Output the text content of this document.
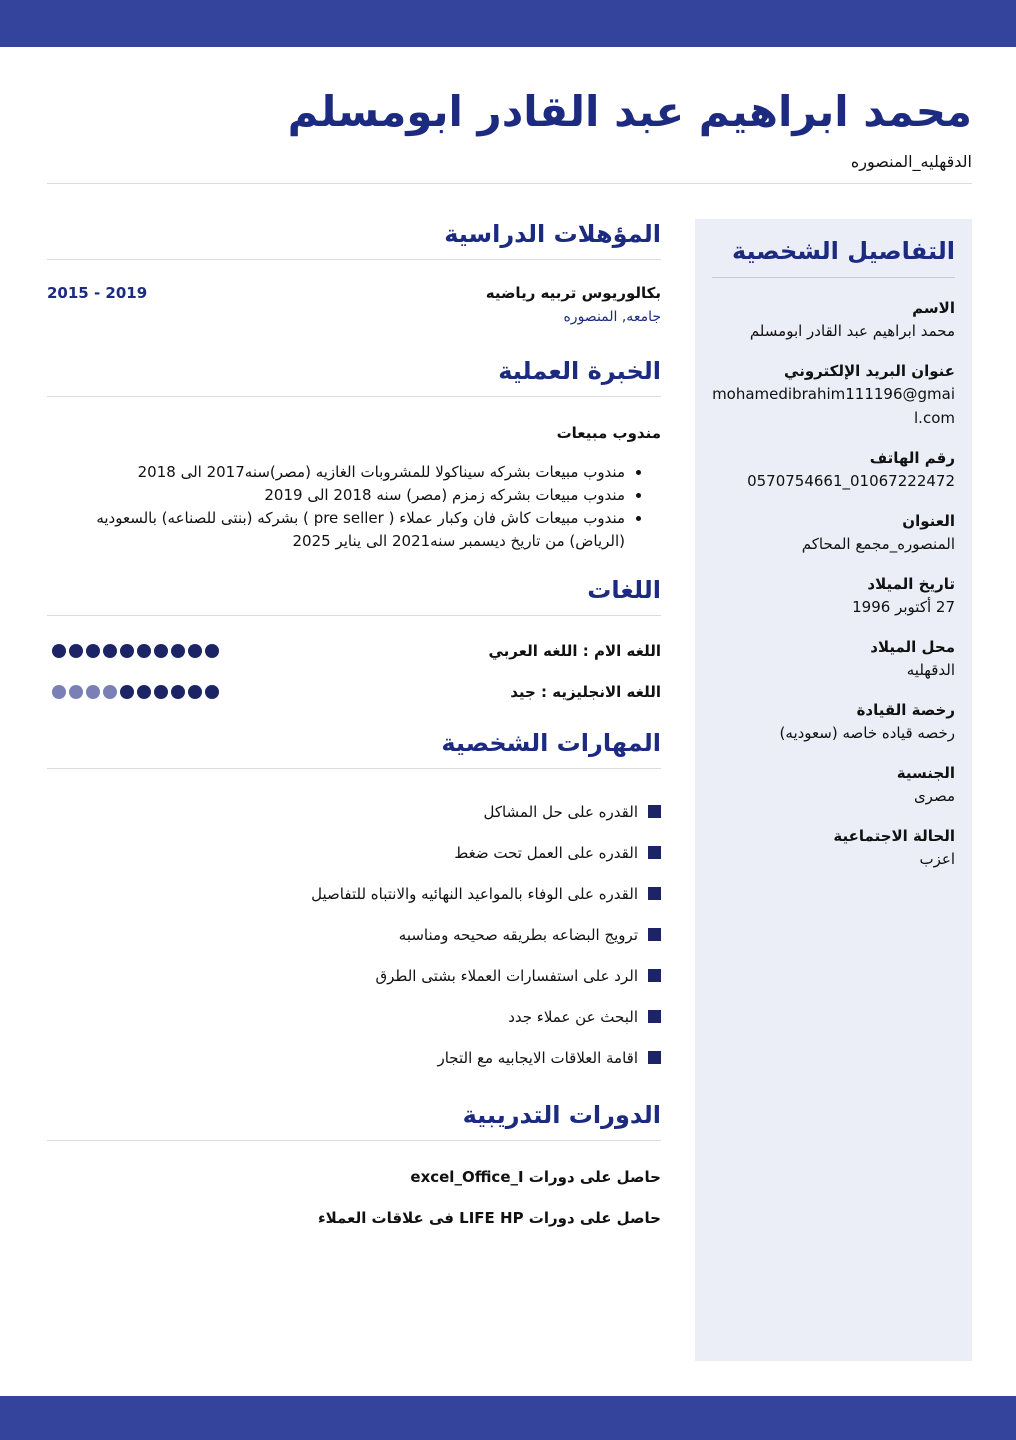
محمد ابراهيم عبد القادر ابومسلم
الدقهليه_المنصوره
التفاصيل الشخصية
الاسم
محمد ابراهيم عبد القادر ابومسلم
عنوان البريد الإلكتروني
mohamedibrahim111196@gmail.com
رقم الهاتف
0570754661_01067222472
العنوان
المنصوره_مجمع المحاكم
تاريخ الميلاد
27 أكتوبر 1996
محل الميلاد
الدقهليه
رخصة القيادة
رخصه قياده خاصه (سعوديه)
الجنسية
مصرى
الحالة الاجتماعية
اعزب
المؤهلات الدراسية
بكالوريوس تربيه رياضيه
جامعه, المنصوره
2015 - 2019
الخبرة العملية
مندوب مبيعات
• مندوب مبيعات بشركه سيناكولا للمشروبات الغازيه (مصر)سنه2017 الى 2018
• مندوب مبيعات بشركه زمزم (مصر) سنه 2018 الى 2019
• مندوب مبيعات كاش فان وكبار عملاء ( pre seller ) بشركه (بنتى للصناعه) بالسعوديه (الرياض) من تاريخ ديسمبر سنه2021 الى يناير 2025
اللغات
اللغه الام : اللغه العربي
اللغه الانجليزيه : جيد
المهارات الشخصية
القدره على حل المشاكل
القدره على العمل تحت ضغط
القدره على الوفاء بالمواعيد النهائيه والانتباه للتفاصيل
ترويج البضاعه بطريقه صحيحه ومناسبه
الرد على استفسارات العملاء بشتى الطرق
البحث عن عملاء جدد
اقامة العلاقات الايجابيه مع التجار
الدورات التدريبية
حاصل على دورات excel_Office_I
حاصل على دورات LIFE HP فى علاقات العملاء
